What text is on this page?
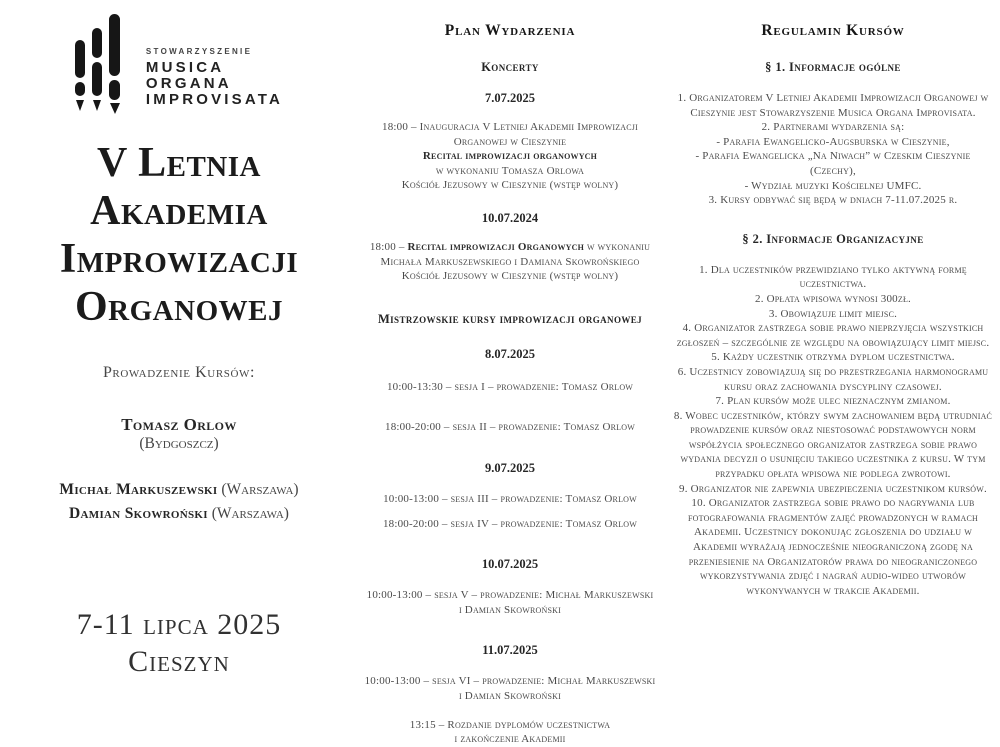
STOWARZYSZENIE
MUSICA
ORGANA
IMPROVISATA
V Letnia
Akademia
Improwizacji
Organowej
Prowadzenie Kursów:
Tomasz Orlow
(Bydgoszcz)
Michał Markuszewski (Warszawa)
Damian Skowroński (Warszawa)
7-11 lipca 2025
Cieszyn
Plan Wydarzenia
Koncerty
7.07.2025
18:00 – Inauguracja V Letniej Akademii Improwizacji
Organowej w Cieszynie
Recital improwizacji organowych
w wykonaniu Tomasza Orlowa
Kościół Jezusowy w Cieszynie (wstęp wolny)
10.07.2024
18:00 – Recital improwizacji Organowych w wykonaniu
Michała Markuszewskiego i Damiana Skowrońskiego
Kościół Jezusowy w Cieszynie (wstęp wolny)
Mistrzowskie kursy improwizacji organowej
8.07.2025
10:00-13:30 – sesja I – prowadzenie: Tomasz Orlow
18:00-20:00 – sesja II – prowadzenie: Tomasz Orlow
9.07.2025
10:00-13:00 – sesja III – prowadzenie: Tomasz Orlow
18:00-20:00 – sesja IV – prowadzenie: Tomasz Orlow
10.07.2025
10:00-13:00 – sesja V – prowadzenie: Michał Markuszewski
i Damian Skowroński
11.07.2025
10:00-13:00 – sesja VI – prowadzenie: Michał Markuszewski
i Damian Skowroński
13:15 – Rozdanie dyplomów uczestnictwa
i zakończenie Akademii
Regulamin Kursów
§ 1. Informacje ogólne
1. Organizatorem V Letniej Akademii Improwizacji Organowej w Cieszynie jest Stowarzyszenie Musica Organa Improvisata.
2. Partnerami wydarzenia są:
- Parafia Ewangelicko-Augsburska w Cieszynie,
- Parafia Ewangelicka „Na Niwach” w Czeskim Cieszynie (Czechy),
- Wydział muzyki Kościelnej UMFC.
3. Kursy odbywać się będą w dniach 7-11.07.2025 r.
§ 2. Informacje Organizacyjne
1. Dla uczestników przewidziano tylko aktywną formę uczestnictwa.
2. Opłata wpisowa wynosi 300zł.
3. Obowiązuje limit miejsc.
4. Organizator zastrzega sobie prawo nieprzyjęcia wszystkich zgłoszeń – szczególnie ze względu na obowiązujący limit miejsc.
5. Każdy uczestnik otrzyma dyplom uczestnictwa.
6. Uczestnicy zobowiązują się do przestrzegania harmonogramu kursu oraz zachowania dyscypliny czasowej.
7. Plan kursów może ulec nieznacznym zmianom.
8. Wobec uczestników, którzy swym zachowaniem będą utrudniać prowadzenie kursów oraz niestosować podstawowych norm współżycia społecznego organizator zastrzega sobie prawo wydania decyzji o usunięciu takiego uczestnika z kursu. W tym przypadku opłata wpisowa nie podlega zwrotowi.
9. Organizator nie zapewnia ubezpieczenia uczestnikom kursów.
10. Organizator zastrzega sobie prawo do nagrywania lub fotografowania fragmentów zajęć prowadzonych w ramach Akademii. Uczestnicy dokonując zgłoszenia do udziału w Akademii wyrażają jednocześnie nieograniczoną zgodę na przeniesienie na Organizatorów prawa do nieograniczonego wykorzystywania zdjęć i nagrań audio-wideo utworów wykonywanych w trakcie Akademii.
